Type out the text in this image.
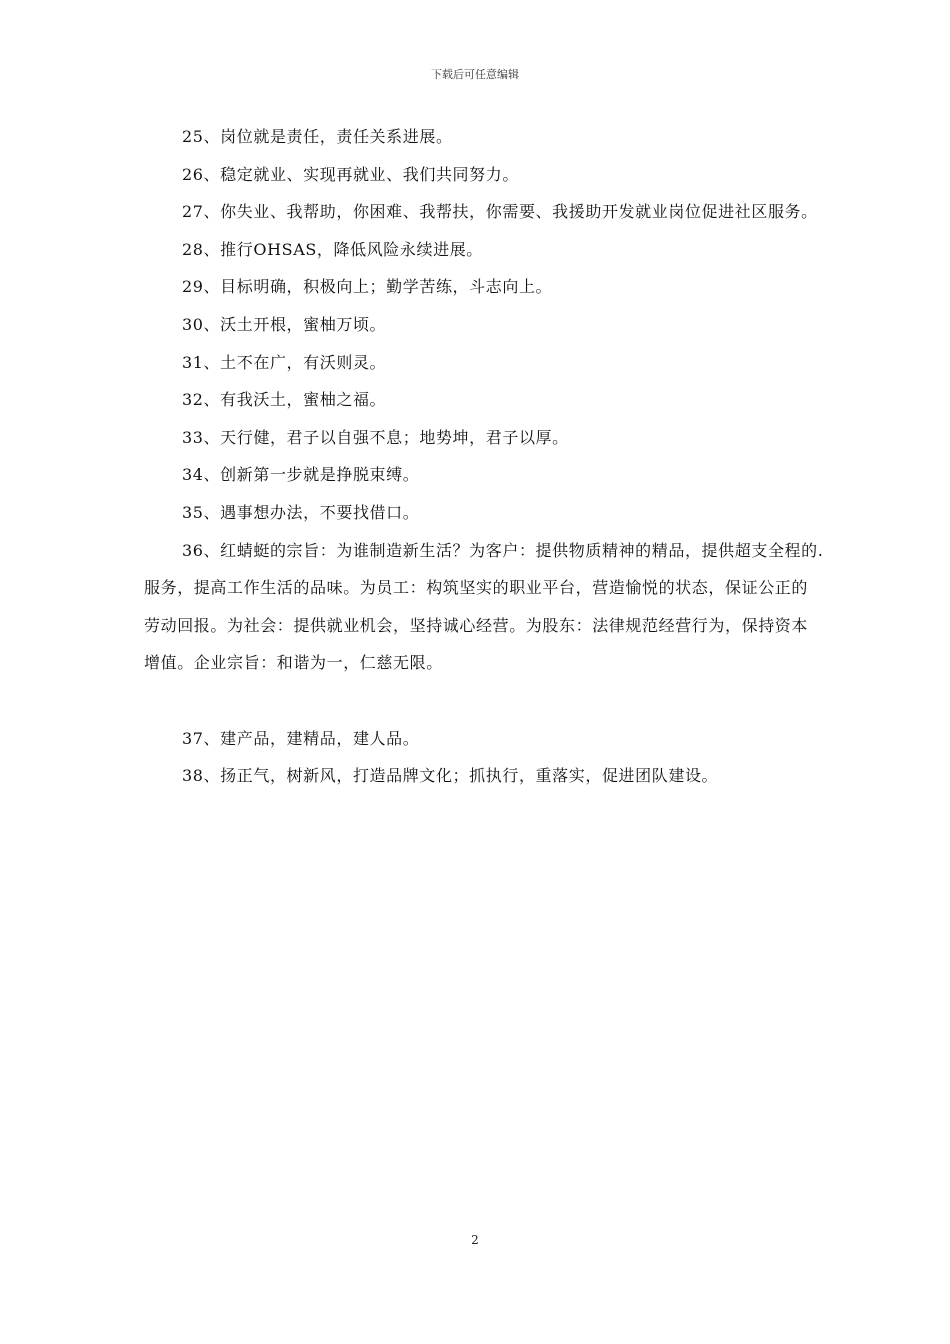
下载后可任意编辑

25、岗位就是责任，责任关系进展。

26、稳定就业、实现再就业、我们共同努力。

27、你失业、我帮助，你困难、我帮扶，你需要、我援助开发就业岗位促进社区服务。

28、推行OHSAS，降低风险永续进展。

29、目标明确，积极向上；勤学苦练，斗志向上。

30、沃土开根，蜜柚万顷。

31、土不在广，有沃则灵。

32、有我沃土，蜜柚之福。

33、天行健，君子以自强不息；地势坤，君子以厚。

34、创新第一步就是挣脱束缚。

35、遇事想办法，不要找借口。

36、红蜻蜓的宗旨：为谁制造新生活？为客户：提供物质精神的精品，提供超支全程的.服务，提高工作生活的品味。为员工：构筑坚实的职业平台，营造愉悦的状态，保证公正的劳动回报。为社会：提供就业机会，坚持诚心经营。为股东：法律规范经营行为，保持资本增值。企业宗旨：和谐为一，仁慈无限。

37、建产品，建精品，建人品。

38、扬正气，树新风，打造品牌文化；抓执行，重落实，促进团队建设。

2
